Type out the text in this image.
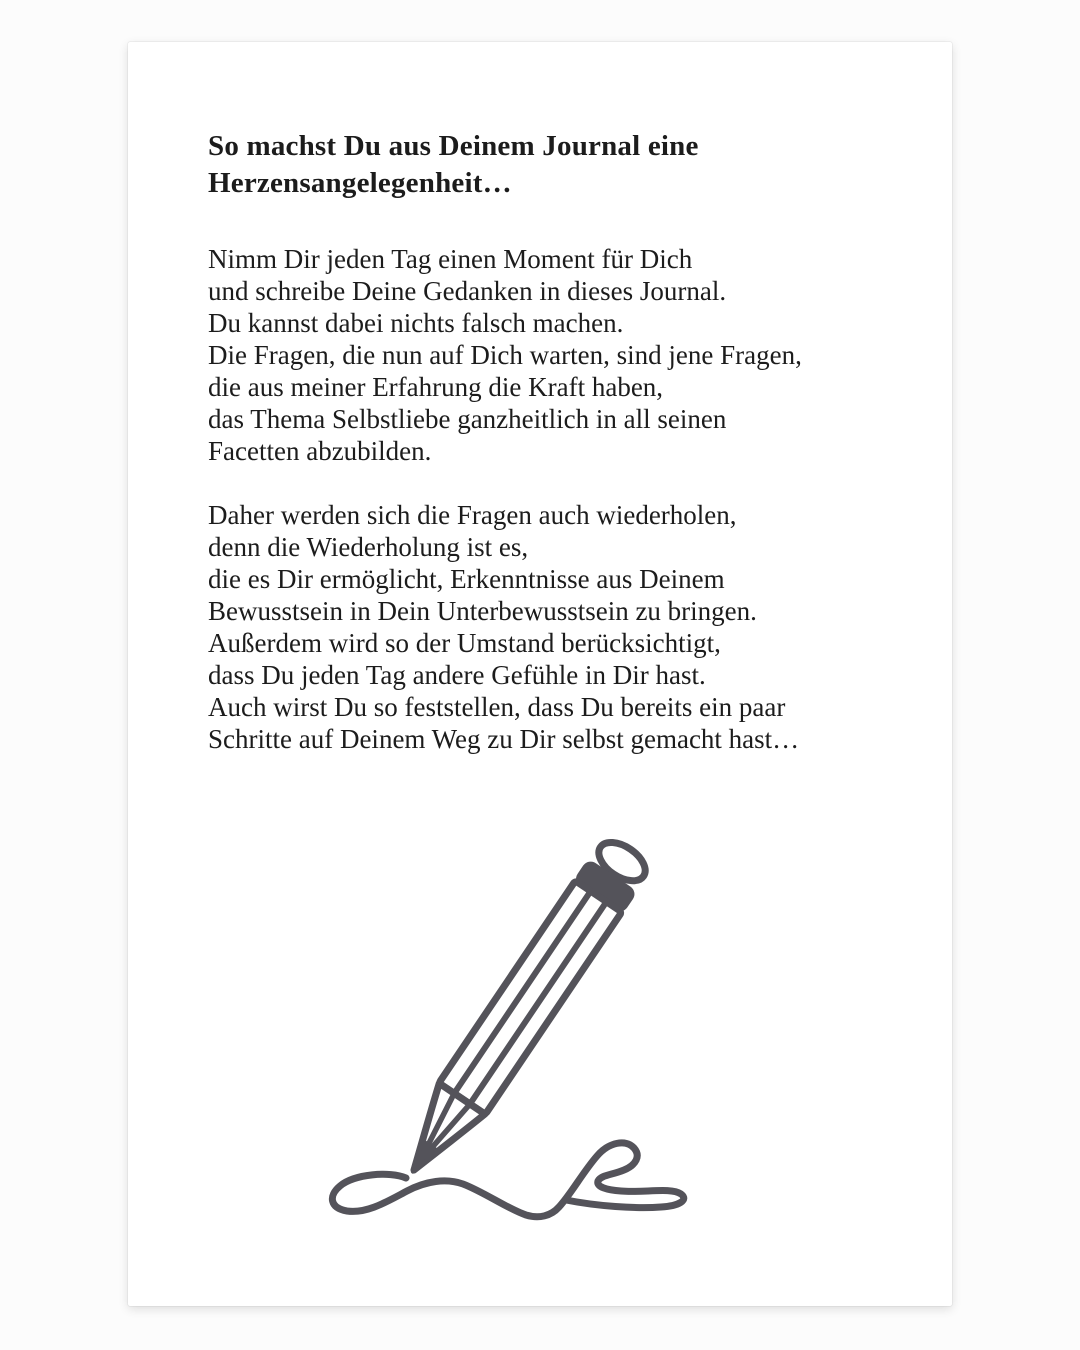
So machst Du aus Deinem Journal eine
Herzensangelegenheit…
Nimm Dir jeden Tag einen Moment für Dich
und schreibe Deine Gedanken in dieses Journal.
Du kannst dabei nichts falsch machen.
Die Fragen, die nun auf Dich warten, sind jene Fragen,
die aus meiner Erfahrung die Kraft haben,
das Thema Selbstliebe ganzheitlich in all seinen
Facetten abzubilden.
Daher werden sich die Fragen auch wiederholen,
denn die Wiederholung ist es,
die es Dir ermöglicht, Erkenntnisse aus Deinem
Bewusstsein in Dein Unterbewusstsein zu bringen.
Außerdem wird so der Umstand berücksichtigt,
dass Du jeden Tag andere Gefühle in Dir hast.
Auch wirst Du so feststellen, dass Du bereits ein paar
Schritte auf Deinem Weg zu Dir selbst gemacht hast…
